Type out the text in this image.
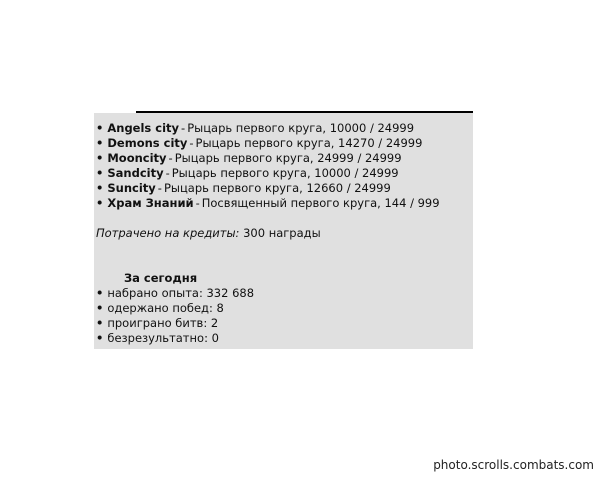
• Angels city - Рыцарь первого круга, 10000 / 24999
• Demons city - Рыцарь первого круга, 14270 / 24999
• Mooncity - Рыцарь первого круга, 24999 / 24999
• Sandcity - Рыцарь первого круга, 10000 / 24999
• Suncity - Рыцарь первого круга, 12660 / 24999
• Храм Знаний - Посвященный первого круга, 144 / 999
Потрачено на кредиты: 300 награды
За сегодня
• набрано опыта: 332 688
• одержано побед: 8
• проиграно битв: 2
• безрезультатно: 0
photo.scrolls.combats.com
